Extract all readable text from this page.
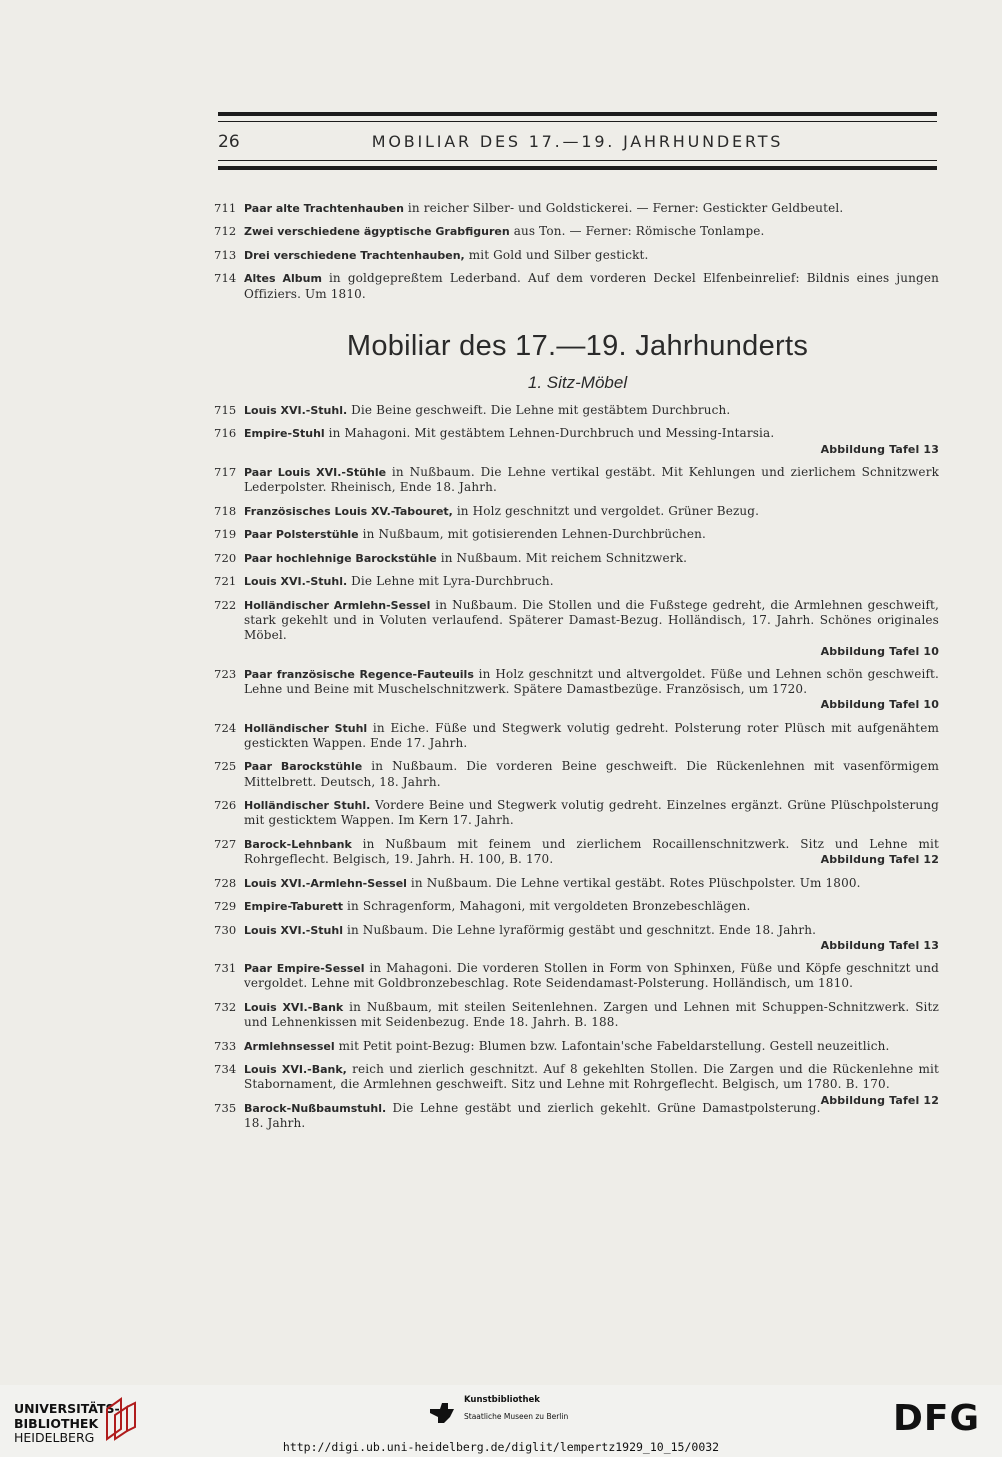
26	MOBILIAR DES 17.—19. JAHRHUNDERTS
711 Paar alte Trachtenhauben in reicher Silber- und Goldstickerei. — Ferner: Gestickter Geldbeutel.
712 Zwei verschiedene ägyptische Grabfiguren aus Ton. — Ferner: Römische Tonlampe.
713 Drei verschiedene Trachtenhauben, mit Gold und Silber gestickt.
714 Altes Album in goldgepreßtem Lederband. Auf dem vorderen Deckel Elfenbeinrelief: Bildnis eines jungen Offiziers. Um 1810.
Mobiliar des 17.—19. Jahrhunderts
1. Sitz-Möbel
715 Louis XVI.-Stuhl. Die Beine geschweift. Die Lehne mit gestäbtem Durchbruch.
716 Empire-Stuhl in Mahagoni. Mit gestäbtem Lehnen-Durchbruch und Messing-Intarsia.
Abbildung Tafel 13
717 Paar Louis XVI.-Stühle in Nußbaum. Die Lehne vertikal gestäbt. Mit Kehlungen und zierlichem Schnitzwerk Lederpolster. Rheinisch, Ende 18. Jahrh.
718 Französisches Louis XV.-Tabouret, in Holz geschnitzt und vergoldet. Grüner Bezug.
719 Paar Polsterstühle in Nußbaum, mit gotisierenden Lehnen-Durchbrüchen.
720 Paar hochlehnige Barockstühle in Nußbaum. Mit reichem Schnitzwerk.
721 Louis XVI.-Stuhl. Die Lehne mit Lyra-Durchbruch.
722 Holländischer Armlehn-Sessel in Nußbaum. Die Stollen und die Fußstege gedreht, die Armlehnen geschweift, stark gekehlt und in Voluten verlaufend. Späterer Damast-Bezug. Holländisch, 17. Jahrh. Schönes originales Möbel.
Abbildung Tafel 10
723 Paar französische Regence-Fauteuils in Holz geschnitzt und altvergoldet. Füße und Lehnen schön geschweift. Lehne und Beine mit Muschelschnitzwerk. Spätere Damastbezüge. Französisch, um 1720.
Abbildung Tafel 10
724 Holländischer Stuhl in Eiche. Füße und Stegwerk volutig gedreht. Polsterung roter Plüsch mit aufgenähtem gestickten Wappen. Ende 17. Jahrh.
725 Paar Barockstühle in Nußbaum. Die vorderen Beine geschweift. Die Rückenlehnen mit vasenförmigem Mittelbrett. Deutsch, 18. Jahrh.
726 Holländischer Stuhl. Vordere Beine und Stegwerk volutig gedreht. Einzelnes ergänzt. Grüne Plüschpolsterung mit gesticktem Wappen. Im Kern 17. Jahrh.
727 Barock-Lehnbank in Nußbaum mit feinem und zierlichem Rocaillenschnitzwerk. Sitz und Lehne mit Rohrgeflecht. Belgisch, 19. Jahrh. H. 100, B. 170.	Abbildung Tafel 12
728 Louis XVI.-Armlehn-Sessel in Nußbaum. Die Lehne vertikal gestäbt. Rotes Plüschpolster. Um 1800.
729 Empire-Taburett in Schragenform, Mahagoni, mit vergoldeten Bronzebeschlägen.
730 Louis XVI.-Stuhl in Nußbaum. Die Lehne lyraförmig gestäbt und geschnitzt. Ende 18. Jahrh.
Abbildung Tafel 13
731 Paar Empire-Sessel in Mahagoni. Die vorderen Stollen in Form von Sphinxen, Füße und Köpfe geschnitzt und vergoldet. Lehne mit Goldbronzebeschlag. Rote Seidendamast-Polsterung. Holländisch, um 1810.
732 Louis XVI.-Bank in Nußbaum, mit steilen Seitenlehnen. Zargen und Lehnen mit Schuppen-Schnitzwerk. Sitz und Lehnenkissen mit Seidenbezug. Ende 18. Jahrh. B. 188.
733 Armlehnsessel mit Petit point-Bezug: Blumen bzw. Lafontain'sche Fabeldarstellung. Gestell neuzeitlich.
734 Louis XVI.-Bank, reich und zierlich geschnitzt. Auf 8 gekehlten Stollen. Die Zargen und die Rückenlehne mit Stabornament, die Armlehnen geschweift. Sitz und Lehne mit Rohrgeflecht. Belgisch, um 1780. B. 170.
Abbildung Tafel 12
735 Barock-Nußbaumstuhl. Die Lehne gestäbt und zierlich gekehlt. Grüne Damastpolsterung. 18. Jahrh.
UNIVERSITÄTS-
BIBLIOTHEK
HEIDELBERG
Kunstbibliothek
Staatliche Museen zu Berlin	DFG
http://digi.ub.uni-heidelberg.de/diglit/lempertz1929_10_15/0032
